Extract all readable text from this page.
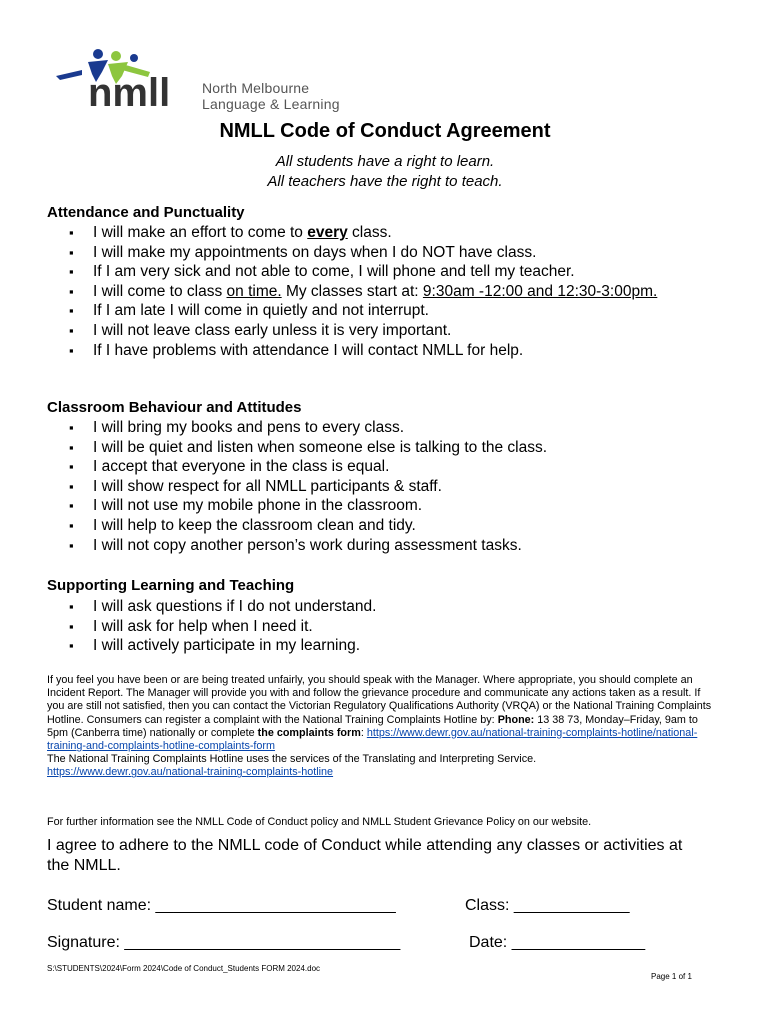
nmll North Melbourne
Language & Learning
NMLL Code of Conduct Agreement
All students have a right to learn.
All teachers have the right to teach.
Attendance and Punctuality
▪ I will make an effort to come to every class.
▪ I will make my appointments on days when I do NOT have class.
▪ If I am very sick and not able to come, I will phone and tell my teacher.
▪ I will come to class on time. My classes start at: 9:30am -12:00 and 12:30-3:00pm.
▪ If I am late I will come in quietly and not interrupt.
▪ I will not leave class early unless it is very important.
▪ If I have problems with attendance I will contact NMLL for help.
Classroom Behaviour and Attitudes
▪ I will bring my books and pens to every class.
▪ I will be quiet and listen when someone else is talking to the class.
▪ I accept that everyone in the class is equal.
▪ I will show respect for all NMLL participants & staff.
▪ I will not use my mobile phone in the classroom.
▪ I will help to keep the classroom clean and tidy.
▪ I will not copy another person’s work during assessment tasks.
Supporting Learning and Teaching
▪ I will ask questions if I do not understand.
▪ I will ask for help when I need it.
▪ I will actively participate in my learning.
If you feel you have been or are being treated unfairly, you should speak with the Manager. Where appropriate, you should complete an Incident Report. The Manager will provide you with and follow the grievance procedure and communicate any actions taken as a result. If you are still not satisfied, then you can contact the Victorian Regulatory Qualifications Authority (VRQA) or the National Training Complaints Hotline. Consumers can register a complaint with the National Training Complaints Hotline by: Phone: 13 38 73, Monday–Friday, 9am to 5pm (Canberra time) nationally or complete the complaints form: https://www.dewr.gov.au/national-training-complaints-hotline/national-training-and-complaints-hotline-complaints-form
The National Training Complaints Hotline uses the services of the Translating and Interpreting Service.
https://www.dewr.gov.au/national-training-complaints-hotline
For further information see the NMLL Code of Conduct policy and NMLL Student Grievance Policy on our website.
I agree to adhere to the NMLL code of Conduct while attending any classes or activities at the NMLL.
Student name: ___________________________	Class: _____________
Signature: _______________________________	Date: _______________
S:\STUDENTS\2024\Form 2024\Code of Conduct_Students FORM 2024.doc
Page 1 of 1
